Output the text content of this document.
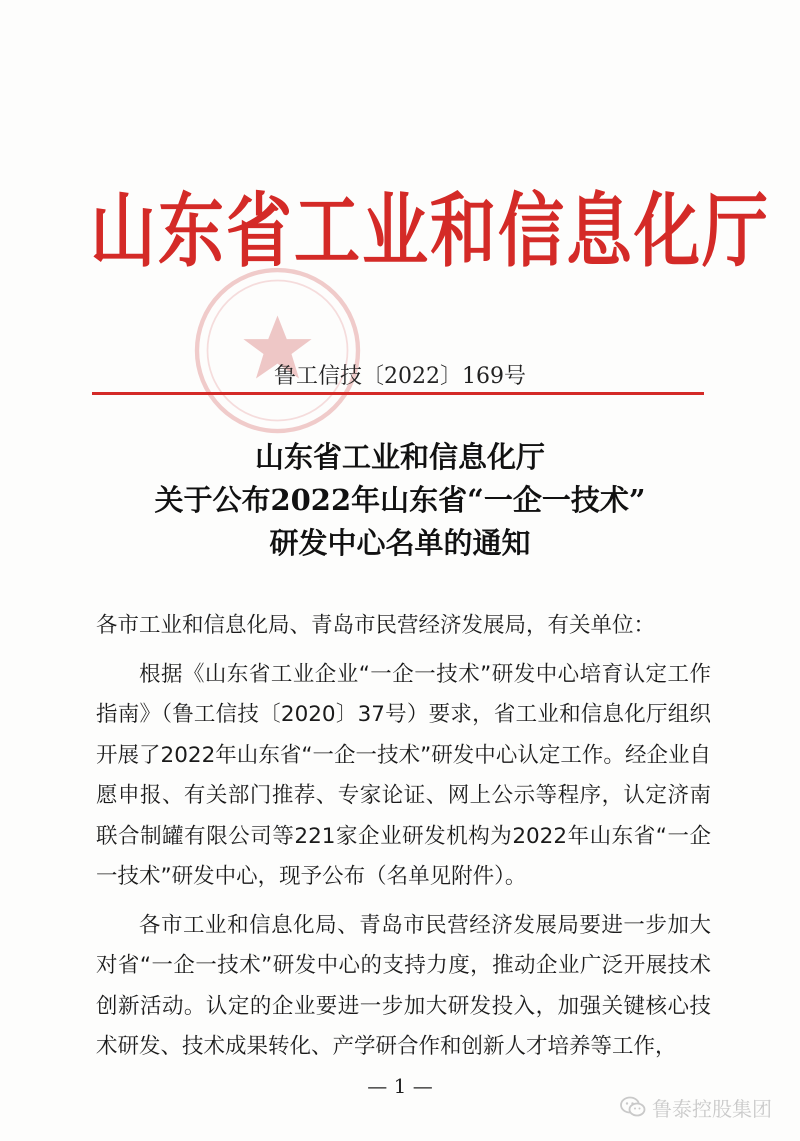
山东省工业和信息化厅
鲁工信技〔2022〕169号
山东省工业和信息化厅
关于公布2022年山东省“一企一技术”
研发中心名单的通知

各市工业和信息化局、青岛市民营经济发展局，有关单位：

根据《山东省工业企业“一企一技术”研发中心培育认定工作指南》（鲁工信技〔2020〕37号）要求，省工业和信息化厅组织开展了2022年山东省“一企一技术”研发中心认定工作。经企业自愿申报、有关部门推荐、专家论证、网上公示等程序，认定济南联合制罐有限公司等221家企业研发机构为2022年山东省“一企一技术”研发中心，现予公布（名单见附件）。

各市工业和信息化局、青岛市民营经济发展局要进一步加大对省“一企一技术”研发中心的支持力度，推动企业广泛开展技术创新活动。认定的企业要进一步加大研发投入，加强关键核心技术研发、技术成果转化、产学研合作和创新人才培养等工作，

— 1 —
鲁泰控股集团
